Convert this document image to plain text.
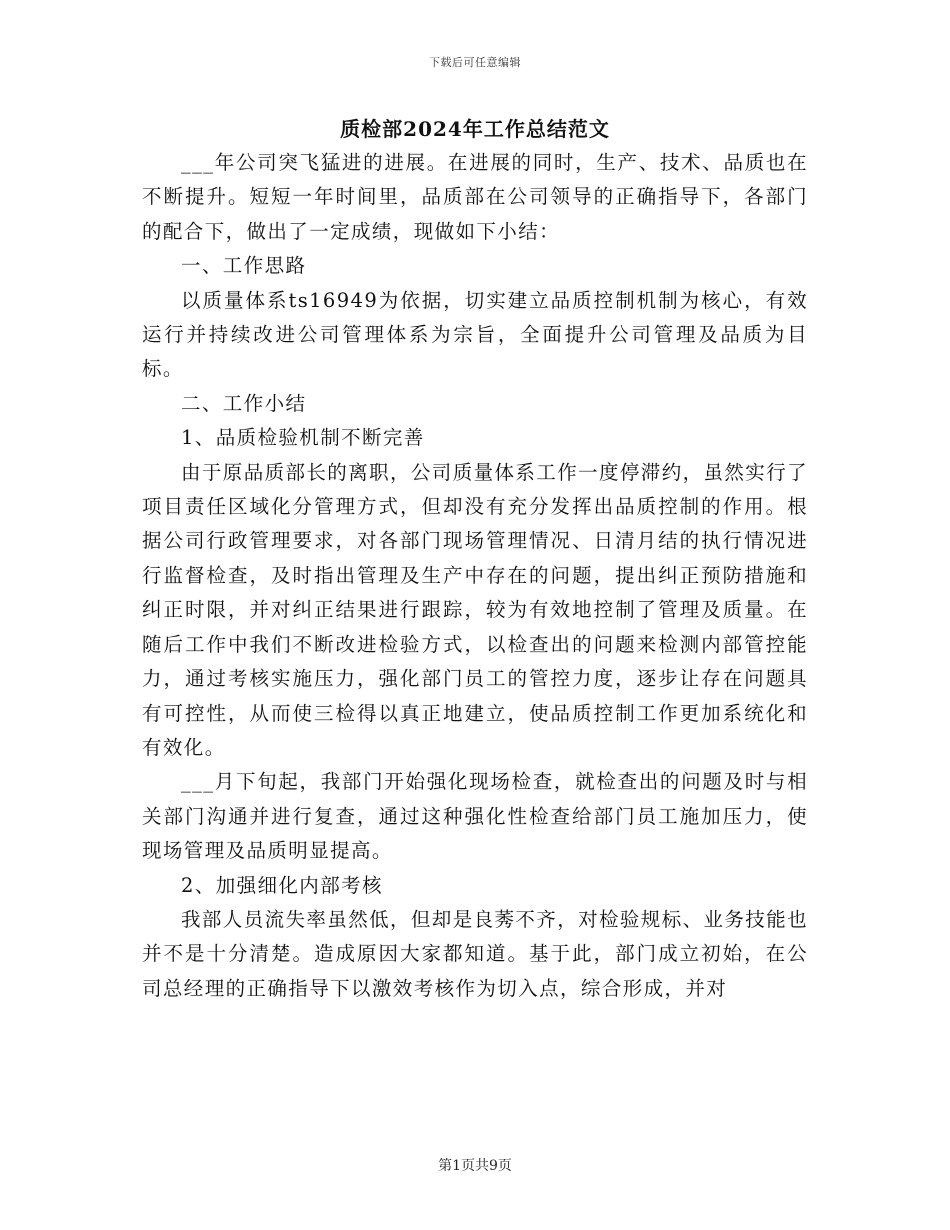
下载后可任意编辑
质检部2024年工作总结范文

___年公司突飞猛进的进展。在进展的同时，生产、技术、品质也在不断提升。短短一年时间里，品质部在公司领导的正确指导下，各部门的配合下，做出了一定成绩，现做如下小结：

一、工作思路

以质量体系ts16949为依据，切实建立品质控制机制为核心，有效运行并持续改进公司管理体系为宗旨，全面提升公司管理及品质为目标。

二、工作小结

1、品质检验机制不断完善

由于原品质部长的离职，公司质量体系工作一度停滞约，虽然实行了项目责任区域化分管理方式，但却没有充分发挥出品质控制的作用。根据公司行政管理要求，对各部门现场管理情况、日清月结的执行情况进行监督检查，及时指出管理及生产中存在的问题，提出纠正预防措施和纠正时限，并对纠正结果进行跟踪，较为有效地控制了管理及质量。在随后工作中我们不断改进检验方式，以检查出的问题来检测内部管控能力，通过考核实施压力，强化部门员工的管控力度，逐步让存在问题具有可控性，从而使三检得以真正地建立，使品质控制工作更加系统化和有效化。

___月下旬起，我部门开始强化现场检查，就检查出的问题及时与相关部门沟通并进行复查，通过这种强化性检查给部门员工施加压力，使现场管理及品质明显提高。

2、加强细化内部考核

我部人员流失率虽然低，但却是良莠不齐，对检验规标、业务技能也并不是十分清楚。造成原因大家都知道。基于此，部门成立初始，在公司总经理的正确指导下以激效考核作为切入点，综合形成，并对

第1页共9页
